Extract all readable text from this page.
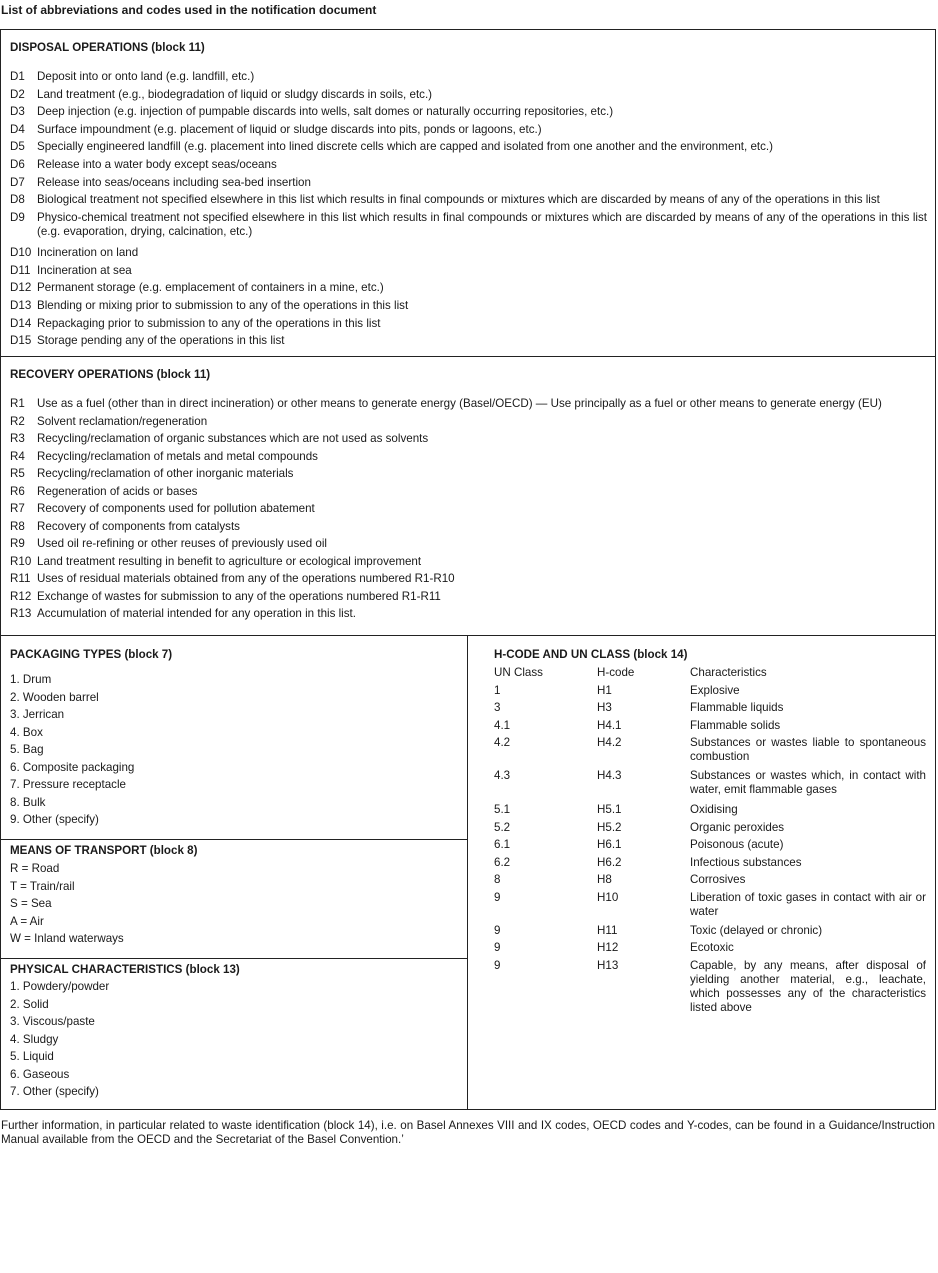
List of abbreviations and codes used in the notification document
DISPOSAL OPERATIONS (block 11)
D1 Deposit into or onto land (e.g. landfill, etc.)
D2 Land treatment (e.g., biodegradation of liquid or sludgy discards in soils, etc.)
D3 Deep injection (e.g. injection of pumpable discards into wells, salt domes or naturally occurring repositories, etc.)
D4 Surface impoundment (e.g. placement of liquid or sludge discards into pits, ponds or lagoons, etc.)
D5 Specially engineered landfill (e.g. placement into lined discrete cells which are capped and isolated from one another and the environment, etc.)
D6 Release into a water body except seas/oceans
D7 Release into seas/oceans including sea-bed insertion
D8 Biological treatment not specified elsewhere in this list which results in final compounds or mixtures which are discarded by means of any of the operations in this list
D9 Physico-chemical treatment not specified elsewhere in this list which results in final compounds or mixtures which are discarded by means of any of the operations in this list (e.g. evaporation, drying, calcination, etc.)
D10 Incineration on land
D11 Incineration at sea
D12 Permanent storage (e.g. emplacement of containers in a mine, etc.)
D13 Blending or mixing prior to submission to any of the operations in this list
D14 Repackaging prior to submission to any of the operations in this list
D15 Storage pending any of the operations in this list
RECOVERY OPERATIONS (block 11)
R1 Use as a fuel (other than in direct incineration) or other means to generate energy (Basel/OECD) — Use principally as a fuel or other means to generate energy (EU)
R2 Solvent reclamation/regeneration
R3 Recycling/reclamation of organic substances which are not used as solvents
R4 Recycling/reclamation of metals and metal compounds
R5 Recycling/reclamation of other inorganic materials
R6 Regeneration of acids or bases
R7 Recovery of components used for pollution abatement
R8 Recovery of components from catalysts
R9 Used oil re-refining or other reuses of previously used oil
R10 Land treatment resulting in benefit to agriculture or ecological improvement
R11 Uses of residual materials obtained from any of the operations numbered R1-R10
R12 Exchange of wastes for submission to any of the operations numbered R1-R11
R13 Accumulation of material intended for any operation in this list.
PACKAGING TYPES (block 7)
1. Drum
2. Wooden barrel
3. Jerrican
4. Box
5. Bag
6. Composite packaging
7. Pressure receptacle
8. Bulk
9. Other (specify)
MEANS OF TRANSPORT (block 8)
R = Road
T = Train/rail
S = Sea
A = Air
W = Inland waterways
PHYSICAL CHARACTERISTICS (block 13)
1. Powdery/powder
2. Solid
3. Viscous/paste
4. Sludgy
5. Liquid
6. Gaseous
7. Other (specify)
H-CODE AND UN CLASS (block 14)
UN Class	H-code	Characteristics
1	H1	Explosive
3	H3	Flammable liquids
4.1	H4.1	Flammable solids
4.2	H4.2	Substances or wastes liable to spontaneous combustion
4.3	H4.3	Substances or wastes which, in contact with water, emit flammable gases
5.1	H5.1	Oxidising
5.2	H5.2	Organic peroxides
6.1	H6.1	Poisonous (acute)
6.2	H6.2	Infectious substances
8	H8	Corrosives
9	H10	Liberation of toxic gases in contact with air or water
9	H11	Toxic (delayed or chronic)
9	H12	Ecotoxic
9	H13	Capable, by any means, after disposal of yielding another material, e.g., leachate, which possesses any of the characteristics listed above
Further information, in particular related to waste identification (block 14), i.e. on Basel Annexes VIII and IX codes, OECD codes and Y-codes, can be found in a Guidance/Instruction Manual available from the OECD and the Secretariat of the Basel Convention.’
